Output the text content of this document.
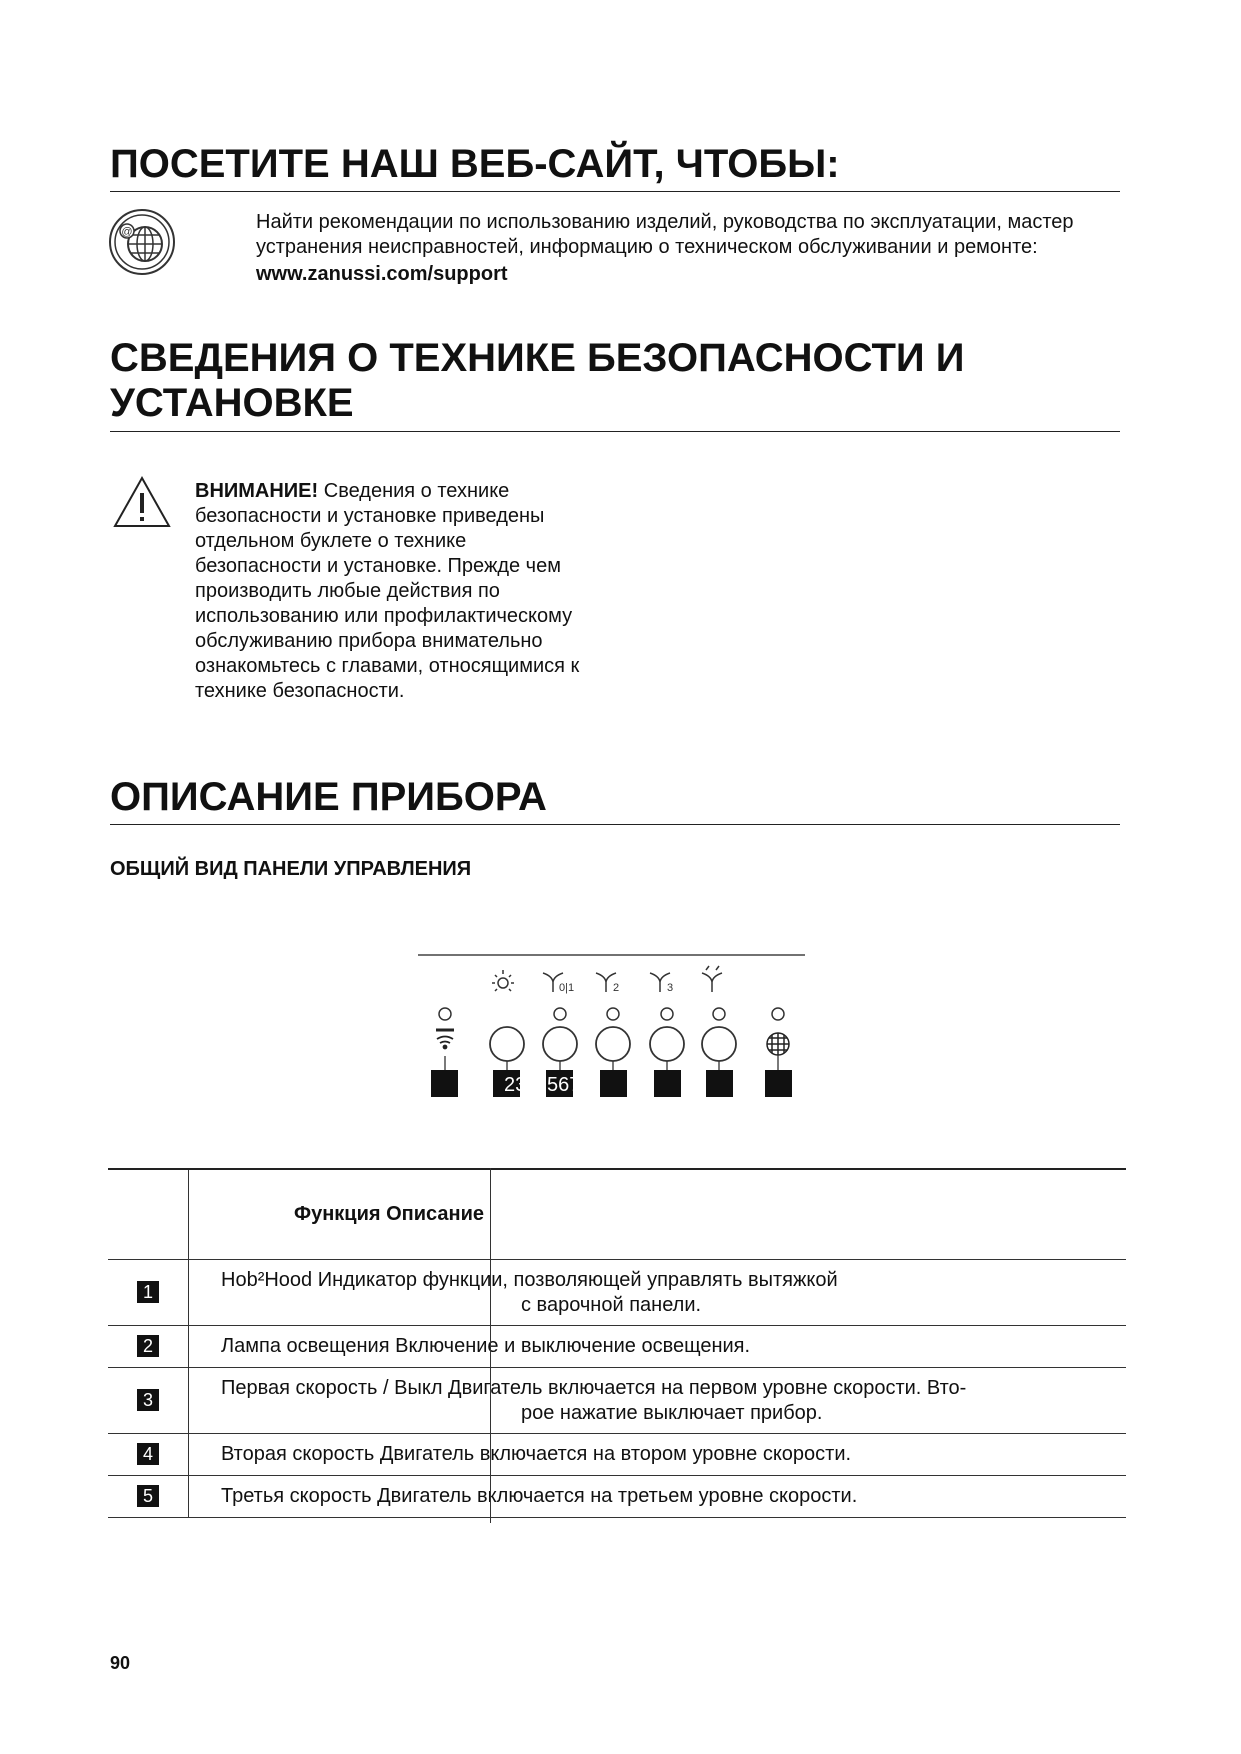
ПОСЕТИТЕ НАШ ВЕБ-САЙТ, ЧТОБЫ:
@	Найти рекомендации по использованию изделий, руководства по эксплуатации, мастер устранения неисправностей, информацию о техническом обслуживании и ремонте:
www.zanussi.com/support
СВЕДЕНИЯ О ТЕХНИКЕ БЕЗОПАСНОСТИ И
УСТАНОВКЕ
ВНИМАНИЕ! Сведения о технике безопасности и установке приведены отдельном буклете о технике безопасности и установке. Прежде чем производить любые действия по использованию или профилактическому обслуживанию прибора внимательно ознакомьтесь с главами, относящимися к технике безопасности.
ОПИСАНИЕ ПРИБОРА
ОБЩИЙ ВИД ПАНЕЛИ УПРАВЛЕНИЯ
0|1	2	3
23 567
	Функция Описание
1	Hob²Hood Индикатор функции, позволяющей управлять вытяжкой
с варочной панели.

2	Лампа освещения Включение и выключение освещения.

3	Первая скорость / Выкл Двигатель включается на первом уровне скорости. Вто-
рое нажатие выключает прибор.

4	Вторая скорость Двигатель включается на втором уровне скорости.

5	Третья скорость Двигатель включается на третьем уровне скорости.
90
